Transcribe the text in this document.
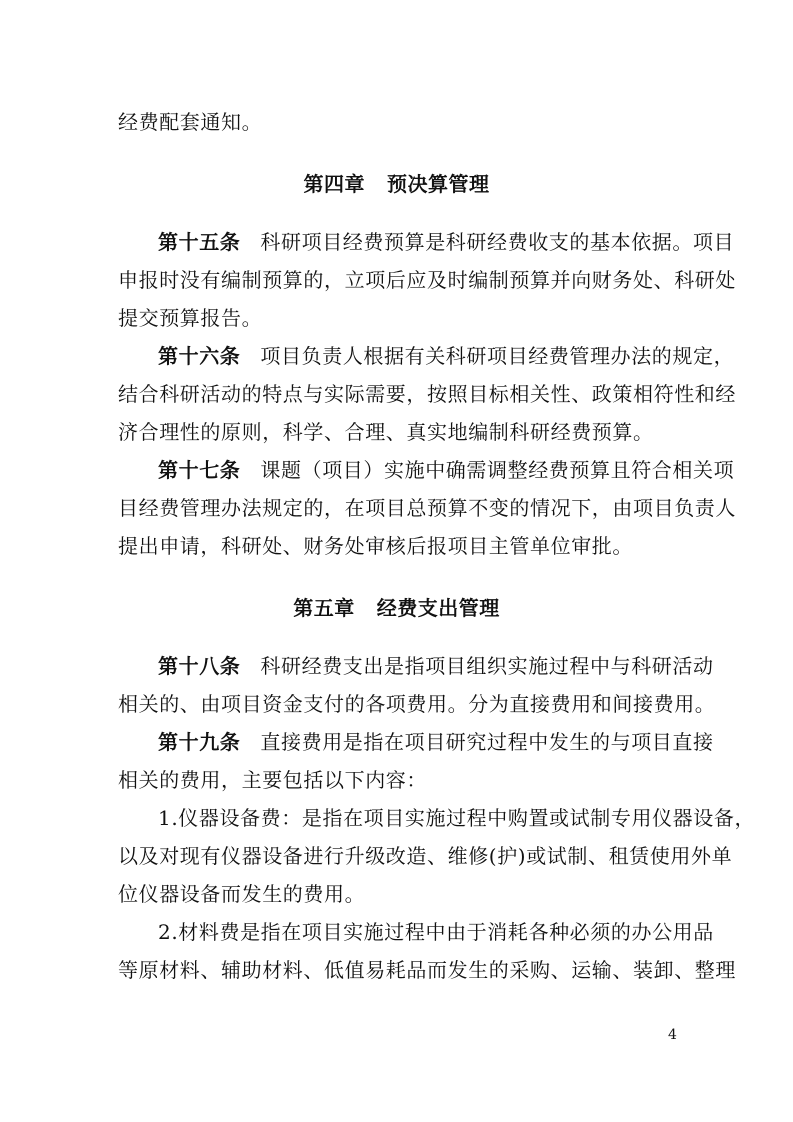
经费配套通知。
第四章 预决算管理
第十五条 科研项目经费预算是科研经费收支的基本依据。项目
申报时没有编制预算的，立项后应及时编制预算并向财务处、科研处
提交预算报告。
第十六条 项目负责人根据有关科研项目经费管理办法的规定，
结合科研活动的特点与实际需要，按照目标相关性、政策相符性和经
济合理性的原则，科学、合理、真实地编制科研经费预算。
第十七条 课题（项目）实施中确需调整经费预算且符合相关项
目经费管理办法规定的，在项目总预算不变的情况下，由项目负责人
提出申请，科研处、财务处审核后报项目主管单位审批。
第五章 经费支出管理
第十八条 科研经费支出是指项目组织实施过程中与科研活动
相关的、由项目资金支付的各项费用。分为直接费用和间接费用。
第十九条 直接费用是指在项目研究过程中发生的与项目直接
相关的费用，主要包括以下内容：
1.仪器设备费：是指在项目实施过程中购置或试制专用仪器设备，
以及对现有仪器设备进行升级改造、维修(护)或试制、租赁使用外单
位仪器设备而发生的费用。
2.材料费是指在项目实施过程中由于消耗各种必须的办公用品
等原材料、辅助材料、低值易耗品而发生的采购、运输、装卸、整理
4
